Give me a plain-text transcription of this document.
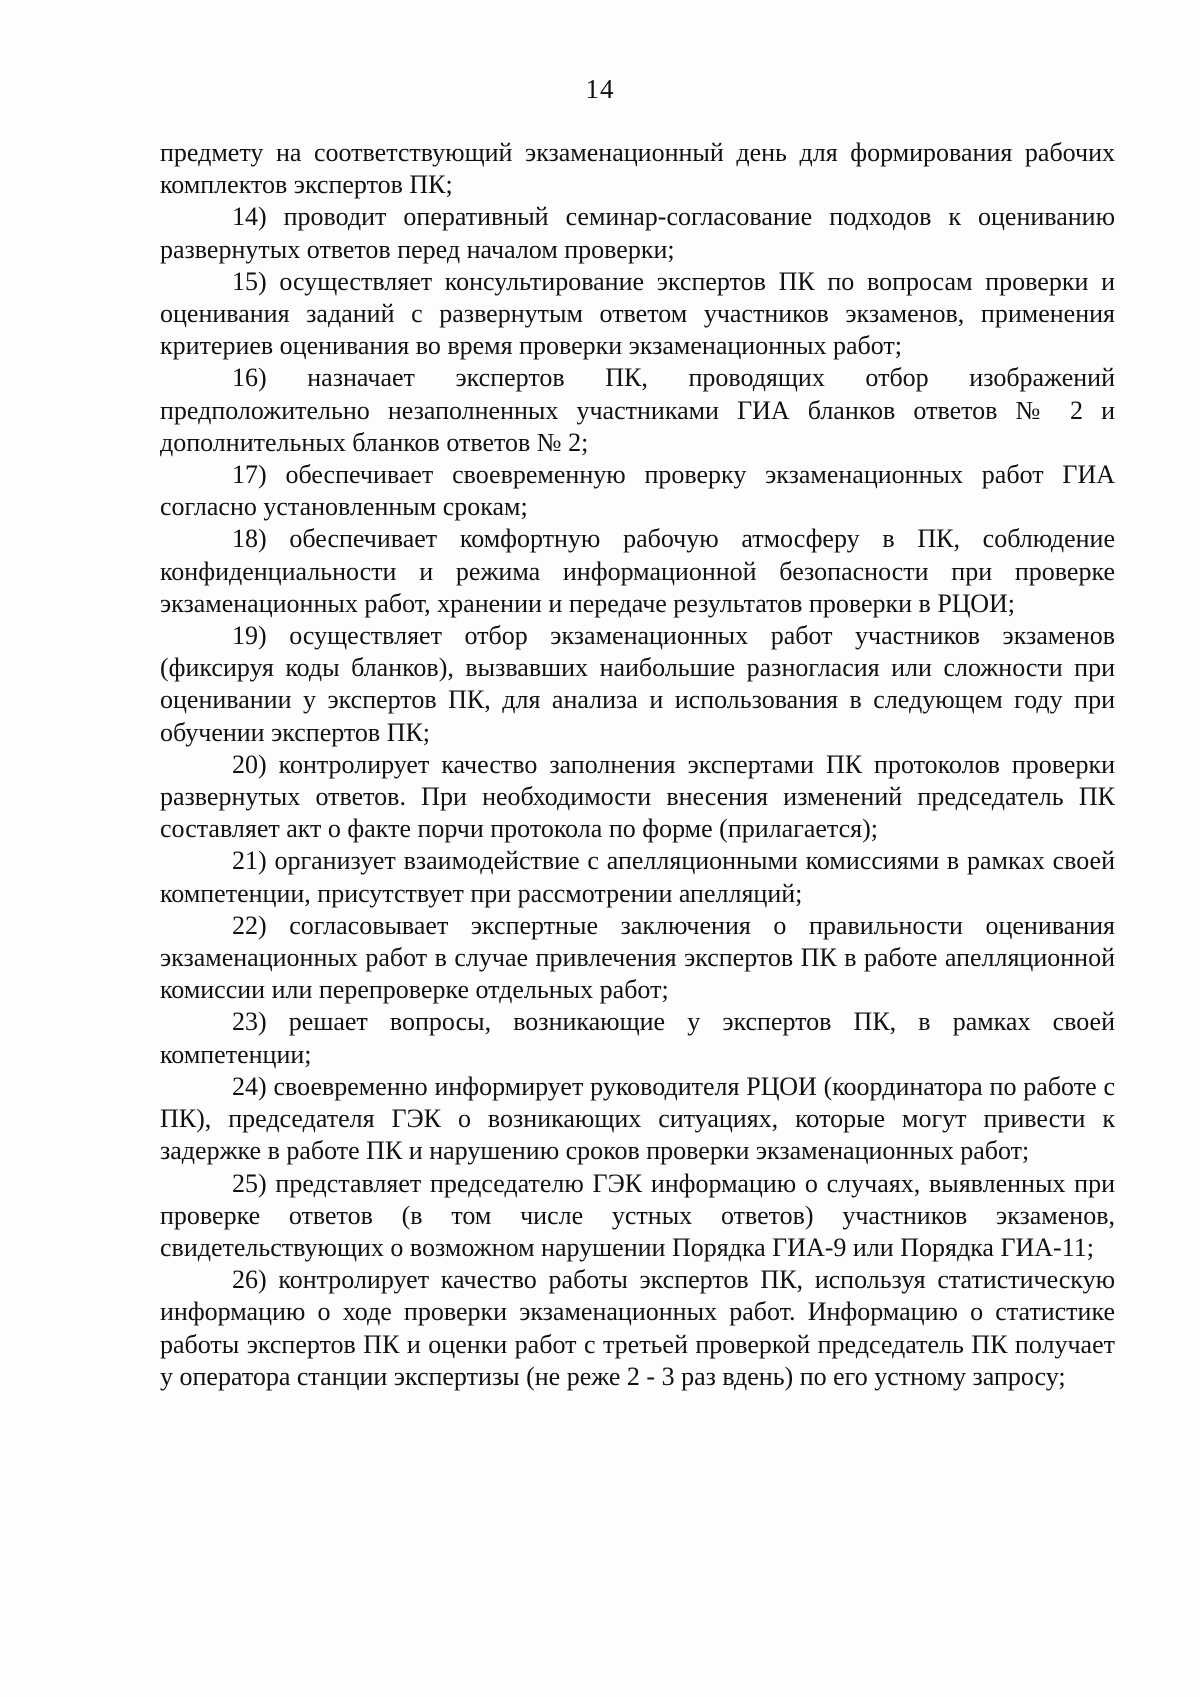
14

предмету на соответствующий экзаменационный день для формирования рабочих комплектов экспертов ПК;

14) проводит оперативный семинар-согласование подходов к оцениванию развернутых ответов перед началом проверки;

15) осуществляет консультирование экспертов ПК по вопросам проверки и оценивания заданий с развернутым ответом участников экзаменов, применения критериев оценивания во время проверки экзаменационных работ;

16) назначает экспертов ПК, проводящих отбор изображений предположительно незаполненных участниками ГИА бланков ответов № 2 и дополнительных бланков ответов № 2;

17) обеспечивает своевременную проверку экзаменационных работ ГИА согласно установленным срокам;

18) обеспечивает комфортную рабочую атмосферу в ПК, соблюдение конфиденциальности и режима информационной безопасности при проверке экзаменационных работ, хранении и передаче результатов проверки в РЦОИ;

19) осуществляет отбор экзаменационных работ участников экзаменов (фиксируя коды бланков), вызвавших наибольшие разногласия или сложности при оценивании у экспертов ПК, для анализа и использования в следующем году при обучении экспертов ПК;

20) контролирует качество заполнения экспертами ПК протоколов проверки развернутых ответов. При необходимости внесения изменений председатель ПК составляет акт о факте порчи протокола по форме (прилагается);

21) организует взаимодействие с апелляционными комиссиями в рамках своей компетенции, присутствует при рассмотрении апелляций;

22) согласовывает экспертные заключения о правильности оценивания экзаменационных работ в случае привлечения экспертов ПК в работе апелляционной комиссии или перепроверке отдельных работ;

23) решает вопросы, возникающие у экспертов ПК, в рамках своей компетенции;

24) своевременно информирует руководителя РЦОИ (координатора по работе с ПК), председателя ГЭК о возникающих ситуациях, которые могут привести к задержке в работе ПК и нарушению сроков проверки экзаменационных работ;

25) представляет председателю ГЭК информацию о случаях, выявленных при проверке ответов (в том числе устных ответов) участников экзаменов, свидетельствующих о возможном нарушении Порядка ГИА-9 или Порядка ГИА-11;

26) контролирует качество работы экспертов ПК, используя статистическую информацию о ходе проверки экзаменационных работ. Информацию о статистике работы экспертов ПК и оценки работ с третьей проверкой председатель ПК получает у оператора станции экспертизы (не реже 2 - 3 раз вдень) по его устному запросу;
